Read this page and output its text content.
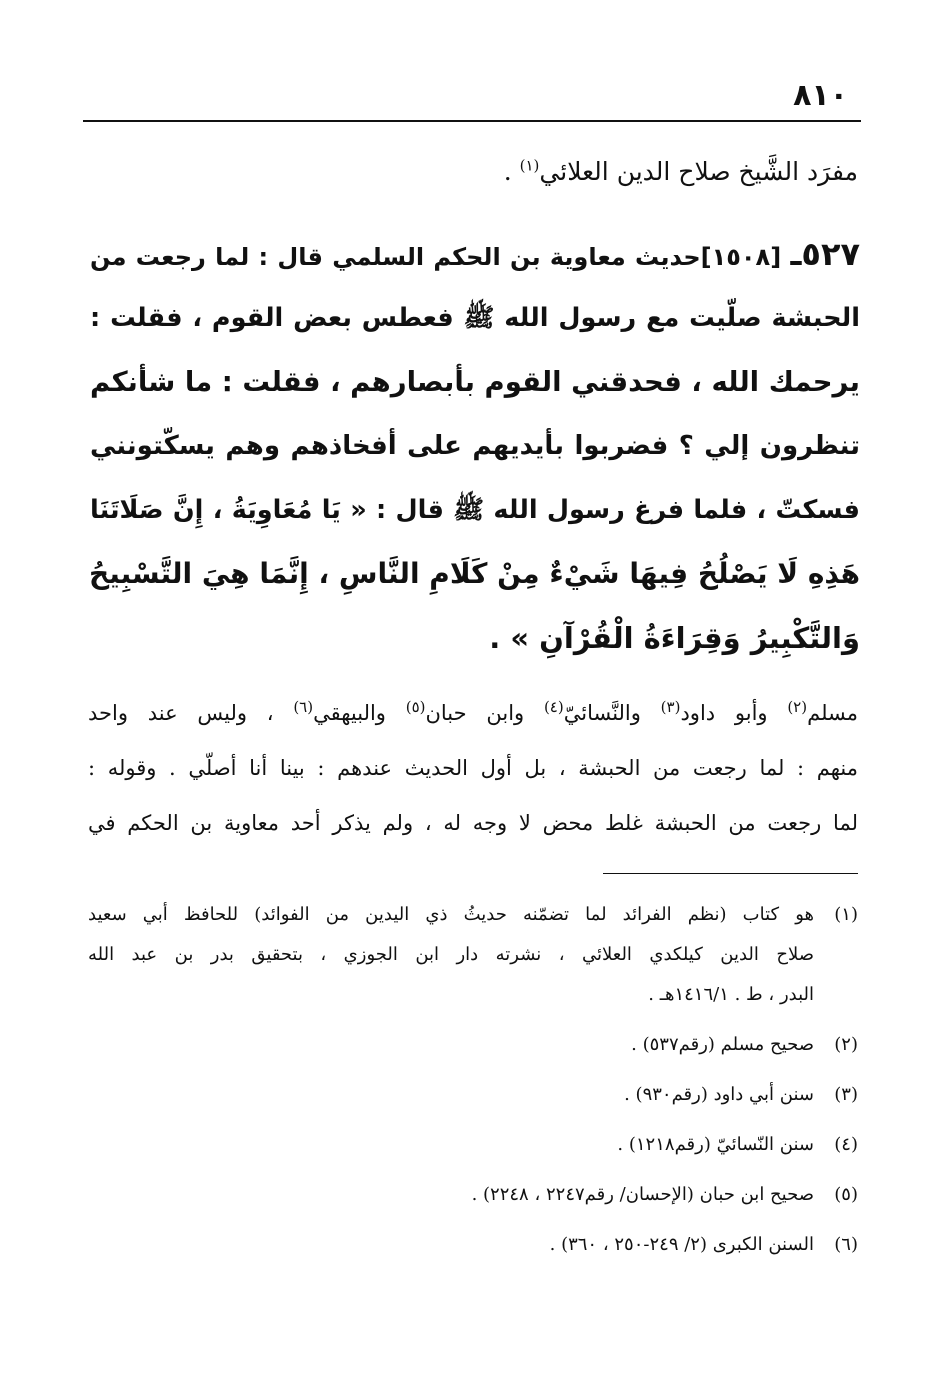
٨١٠
مفرَد الشَّيخ صلاح الدين العلائي$^{(١)}$ .
٥٢٧ـ [١٥٠٨]حديث معاوية بن الحكم السلمي قال : لما رجعت من
الحبشة صلّيت مع رسول الله ﷺ فعطس بعض القوم ، فقلت :
يرحمك الله ، فحدقني القوم بأبصارهم ، فقلت : ما شأنكم
تنظرون إلي ؟ فضربوا بأيديهم على أفخاذهم وهم يسكّتونني
فسكتّ ، فلما فرغ رسول الله ﷺ قال : « يَا مُعَاوِيَةُ ، إِنَّ صَلَاتَنَا
هَذِهِ لَا يَصْلُحُ فِيهَا شَيْءٌ مِنْ كَلَامِ النَّاسِ ، إِنَّمَا هِيَ التَّسْبِيحُ
وَالتَّكْبِيرُ وَقِرَاءَةُ الْقُرْآنِ » .
مسلم$^{(٢)}$ وأبو داود$^{(٣)}$ والنَّسائيّ$^{(٤)}$ وابن حبان$^{(٥)}$ والبيهقي$^{(٦)}$ ، وليس عند واحد
منهم : لما رجعت من الحبشة ، بل أول الحديث عندهم : بينا أنا أصلّي . وقوله :
لما رجعت من الحبشة غلط محض لا وجه له ، ولم يذكر أحد معاوية بن الحكم في
(١)
هو كتاب (نظم الفرائد لما تضمّنه حديثُ ذي اليدين من الفوائد) للحافظ أبي سعيد
صلاح الدين كيلكدي العلائي ، نشرته دار ابن الجوزي ، بتحقيق بدر بن عبد الله
البدر ، ط . ١٤١٦/١هـ .
(٢)
صحيح مسلم (رقم٥٣٧) .
(٣)
سنن أبي داود (رقم٩٣٠) .
(٤)
سنن النّسائيّ (رقم١٢١٨) .
(٥)
صحيح ابن حبان (الإحسان/ رقم٢٢٤٧ ، ٢٢٤٨) .
(٦)
السنن الكبرى (٢/ ٢٤٩-٢٥٠ ، ٣٦٠) .
